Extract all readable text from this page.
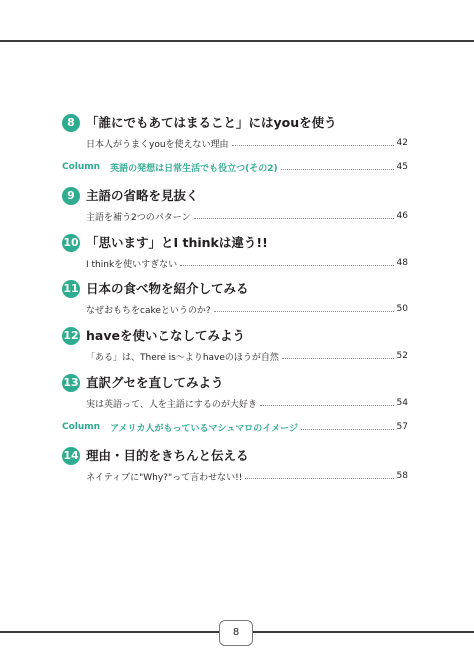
8 「誰にでもあてはまること」にはyouを使う
日本人がうまくyouを使えない理由	42
Column 英語の発想は日常生活でも役立つ(その2)	45
9 主語の省略を見抜く
主語を補う2つのパターン	46
10 「思います」とI thinkは違う!!
I thinkを使いすぎない	48
11 日本の食べ物を紹介してみる
なぜおもちをcakeというのか?	50
12 haveを使いこなしてみよう
「ある」は、There is～よりhaveのほうが自然	52
13 直訳グセを直してみよう
実は英語って、人を主語にするのが大好き	54
Column アメリカ人がもっているマシュマロのイメージ	57
14 理由・目的をきちんと伝える
ネイティブに"Why?"って言わせない!!	58
8
